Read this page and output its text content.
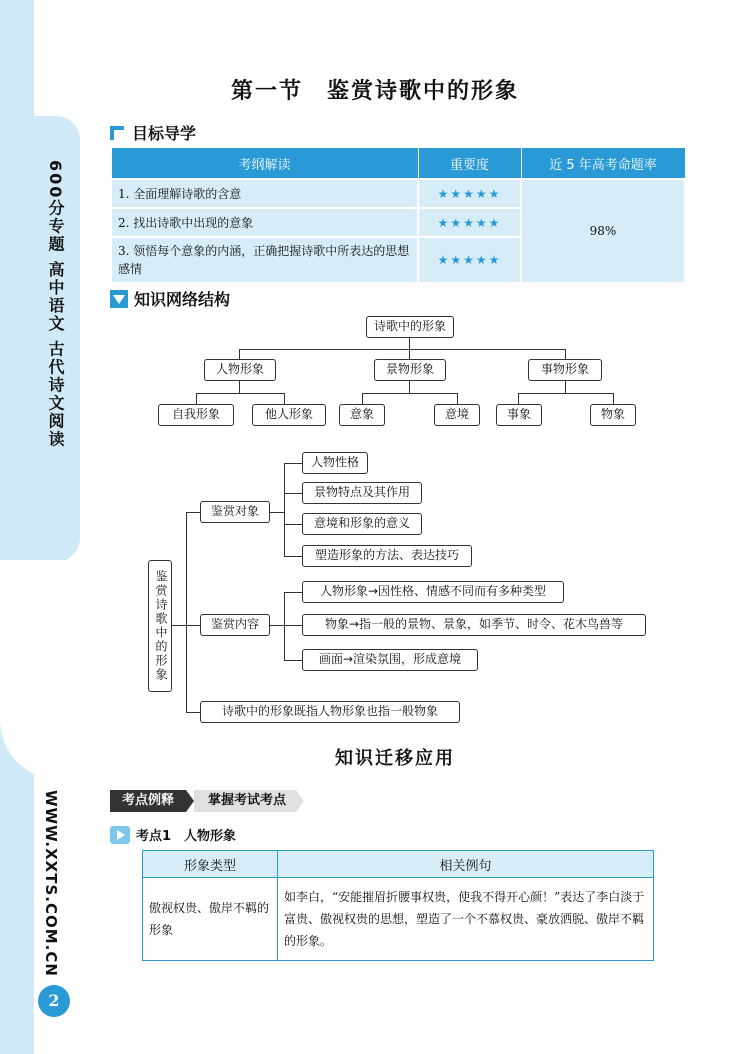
600分专题 高中语文 古代诗文阅读
WWW.XXTS.COM.CN
2
第一节　鉴赏诗歌中的形象
目标导学
考纲解读	重要度	近 5 年高考命题率
1. 全面理解诗歌的含意	★★★★★	98%
2. 找出诗歌中出现的意象	★★★★★	
3. 领悟每个意象的内涵，正确把握诗歌中所表达的思想感情	★★★★★	
知识网络结构
诗歌中的形象
人物形象	景物形象	事物形象
自我形象	他人形象	意象	意境	事象	物象
鉴赏诗歌中的形象
鉴赏对象
人物性格
景物特点及其作用
意境和形象的意义
塑造形象的方法、表达技巧
鉴赏内容
人物形象→因性格、情感不同而有多种类型
物象→指一般的景物、景象，如季节、时令、花木鸟兽等
画面→渲染氛围，形成意境
诗歌中的形象既指人物形象也指一般物象
知识迁移应用
考点例释	掌握考试考点
考点1　人物形象
形象类型	相关例句
傲视权贵、傲岸不羁的形象	如李白，“安能摧眉折腰事权贵，使我不得开心颜！”表达了李白淡于富贵、傲视权贵的思想，塑造了一个不慕权贵、豪放洒脱、傲岸不羁的形象。
